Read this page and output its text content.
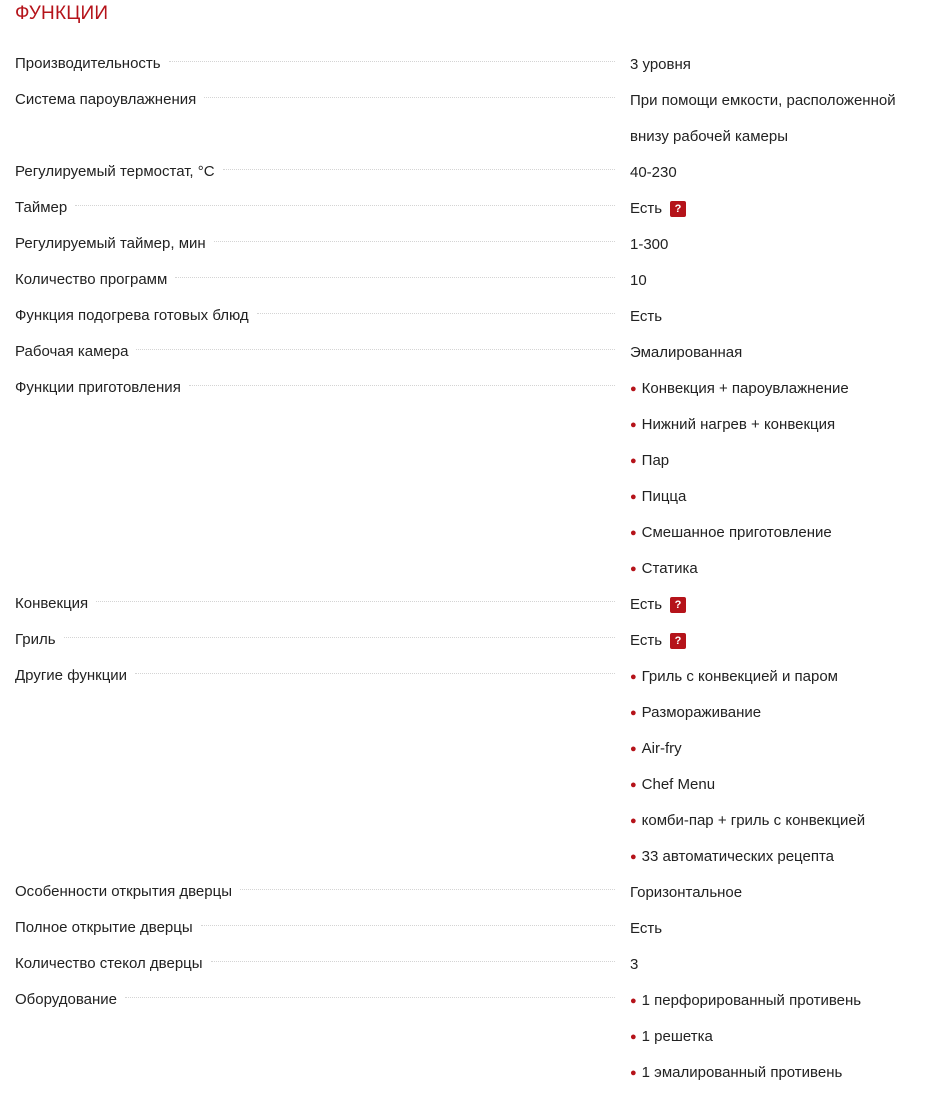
ФУНКЦИИ
Производительность	3 уровня
Система пароувлажнения	При помощи емкости, расположенной
внизу рабочей камеры
Регулируемый термостат, °C	40-230
Таймер	Есть	?
Регулируемый таймер, мин	1-300
Количество программ	10
Функция подогрева готовых блюд	Есть
Рабочая камера	Эмалированная
Функции приготовления	● Конвекция + пароувлажнение
● Нижний нагрев + конвекция
● Пар
● Пицца
● Смешанное приготовление
● Статика
Конвекция	Есть	?
Гриль	Есть	?
Другие функции	● Гриль с конвекцией и паром
● Размораживание
● Air-fry
● Chef Menu
● комби-пар + гриль с конвекцией
● 33 автоматических рецепта
Особенности открытия дверцы	Горизонтальное
Полное открытие дверцы	Есть
Количество стекол дверцы	3
Оборудование	● 1 перфорированный противень
● 1 решетка
● 1 эмалированный противень
